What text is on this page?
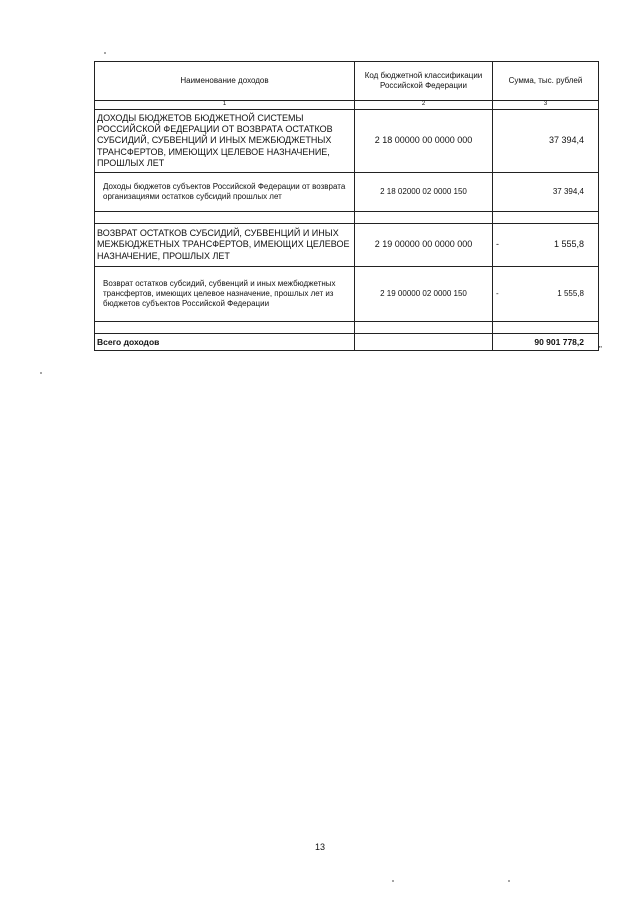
Наименование доходов	Код бюджетной классификации Российской Федерации	Сумма, тыс. рублей
1	2	3
ДОХОДЫ БЮДЖЕТОВ БЮДЖЕТНОЙ СИСТЕМЫ РОССИЙСКОЙ ФЕДЕРАЦИИ ОТ ВОЗВРАТА ОСТАТКОВ СУБСИДИЙ, СУБВЕНЦИЙ И ИНЫХ МЕЖБЮДЖЕТНЫХ ТРАНСФЕРТОВ, ИМЕЮЩИХ ЦЕЛЕВОЕ НАЗНАЧЕНИЕ, ПРОШЛЫХ ЛЕТ	2 18 00000 00 0000 000	37 394,4
Доходы бюджетов субъектов Российской Федерации от возврата организациями остатков субсидий прошлых лет	2 18 02000 02 0000 150	37 394,4

ВОЗВРАТ ОСТАТКОВ СУБСИДИЙ, СУБВЕНЦИЙ И ИНЫХ МЕЖБЮДЖЕТНЫХ ТРАНСФЕРТОВ, ИМЕЮЩИХ ЦЕЛЕВОЕ НАЗНАЧЕНИЕ, ПРОШЛЫХ ЛЕТ	2 19 00000 00 0000 000	- 1 555,8
Возврат остатков субсидий, субвенций и иных межбюджетных трансфертов, имеющих целевое назначение, прошлых лет из бюджетов субъектов Российской Федерации	2 19 00000 02 0000 150	- 1 555,8

Всего доходов		90 901 778,2
"
13
